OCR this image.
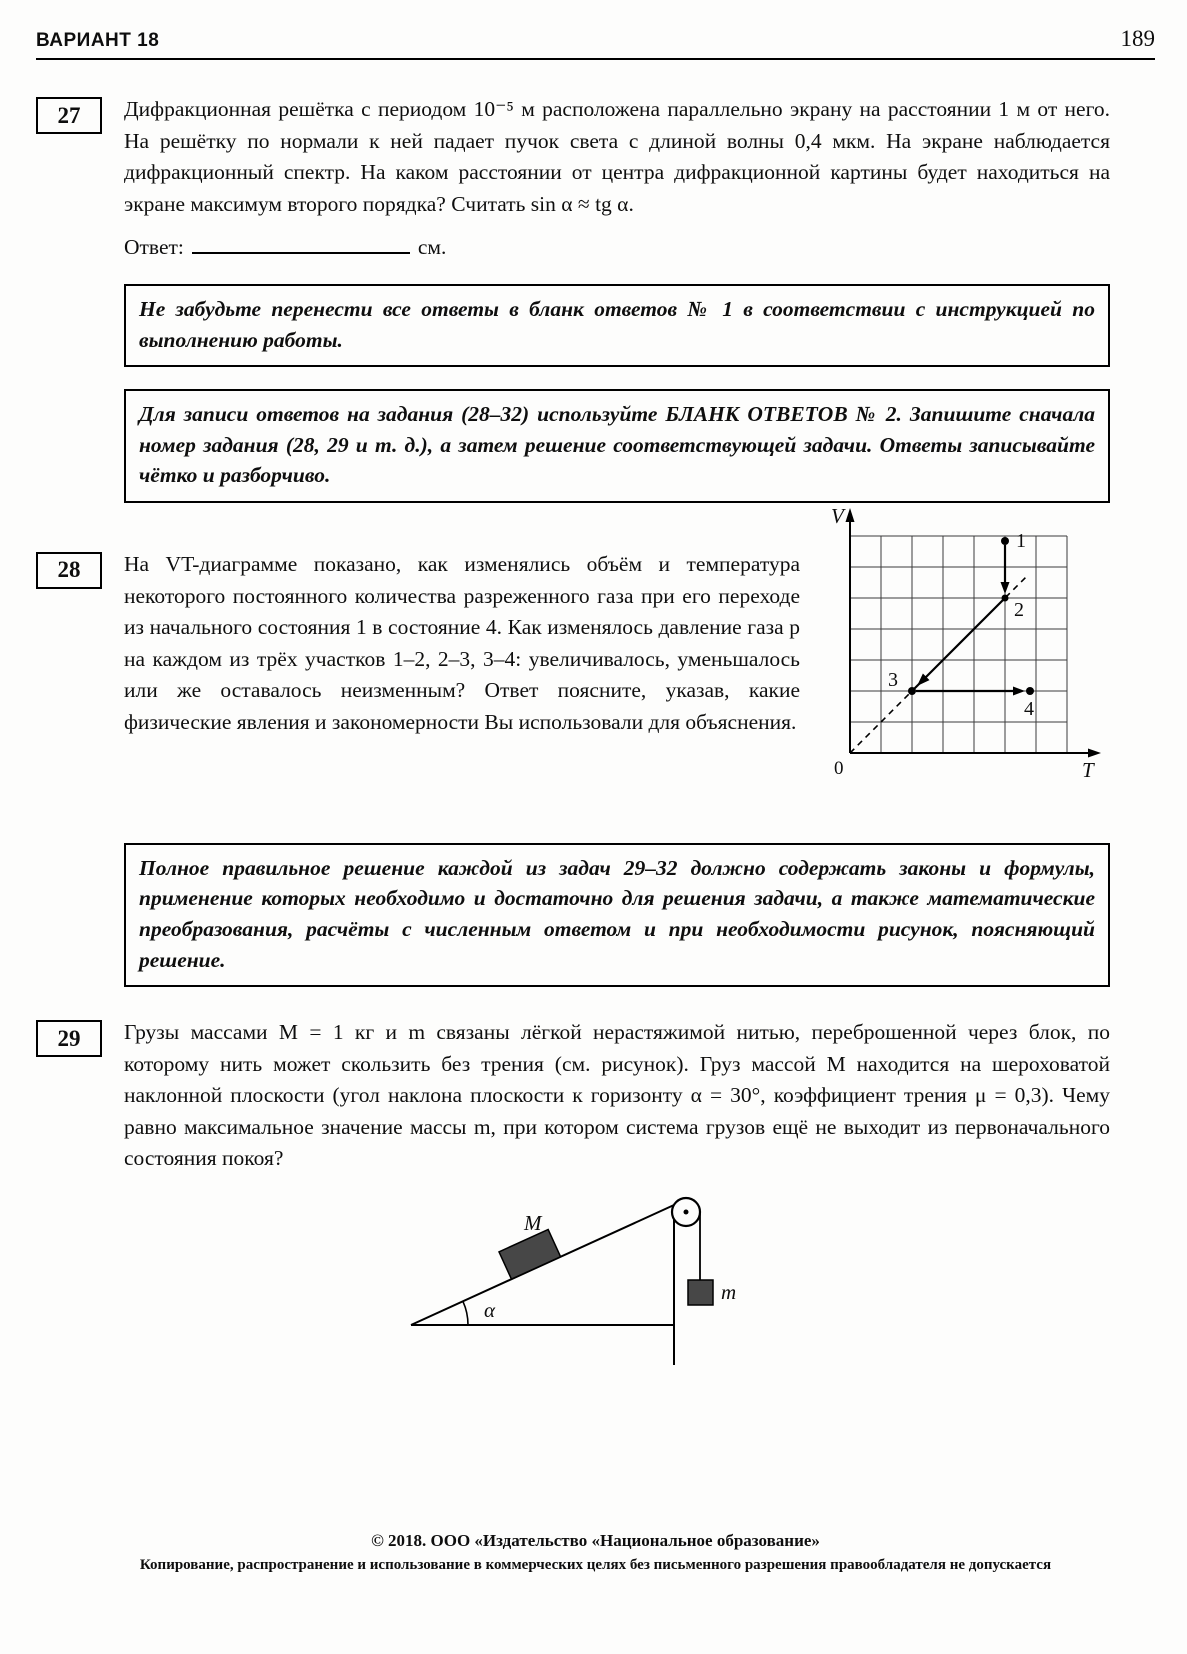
ВАРИАНТ 18	189
27	Дифракционная решётка с периодом 10⁻⁵ м расположена параллельно экрану на расстоянии 1 м от него. На решётку по нормали к ней падает пучок света с длиной волны 0,4 мкм. На экране наблюдается дифракционный спектр. На каком расстоянии от центра дифракционной картины будет находиться на экране максимум второго порядка? Считать sin α ≈ tg α.

Ответ:	см.

Не забудьте перенести все ответы в бланк ответов № 1 в соответствии с инструкцией по выполнению работы.
Для записи ответов на задания (28–32) используйте БЛАНК ОТВЕТОВ № 2. Запишите сначала номер задания (28, 29 и т. д.), а затем решение соответствующей задачи. Ответы записывайте чётко и разборчиво.
28	На VT-диаграмме показано, как изменялись объём и температура некоторого постоянного количества разреженного газа при его переходе из начального состояния 1 в состояние 4. Как изменялось давление газа p на каждом из трёх участков 1–2, 2–3, 3–4: увеличивалось, уменьшалось или же оставалось неизменным? Ответ поясните, указав, какие физические явления и закономерности Вы использовали для объяснения.

1
2
3
4
V
T
0
Полное правильное решение каждой из задач 29–32 должно содержать законы и формулы, применение которых необходимо и достаточно для решения задачи, а также математические преобразования, расчёты с численным ответом и при необходимости рисунок, поясняющий решение.
29	Грузы массами M = 1 кг и m связаны лёгкой нерастяжимой нитью, переброшенной через блок, по которому нить может скользить без трения (см. рисунок). Груз массой M находится на шероховатой наклонной плоскости (угол наклона плоскости к горизонту α = 30°, коэффициент трения μ = 0,3). Чему равно максимальное значение массы m, при котором система грузов ещё не выходит из первоначального состояния покоя?

M
m
α
© 2018. ООО «Издательство «Национальное образование»
Копирование, распространение и использование в коммерческих целях без письменного разрешения правообладателя не допускается
